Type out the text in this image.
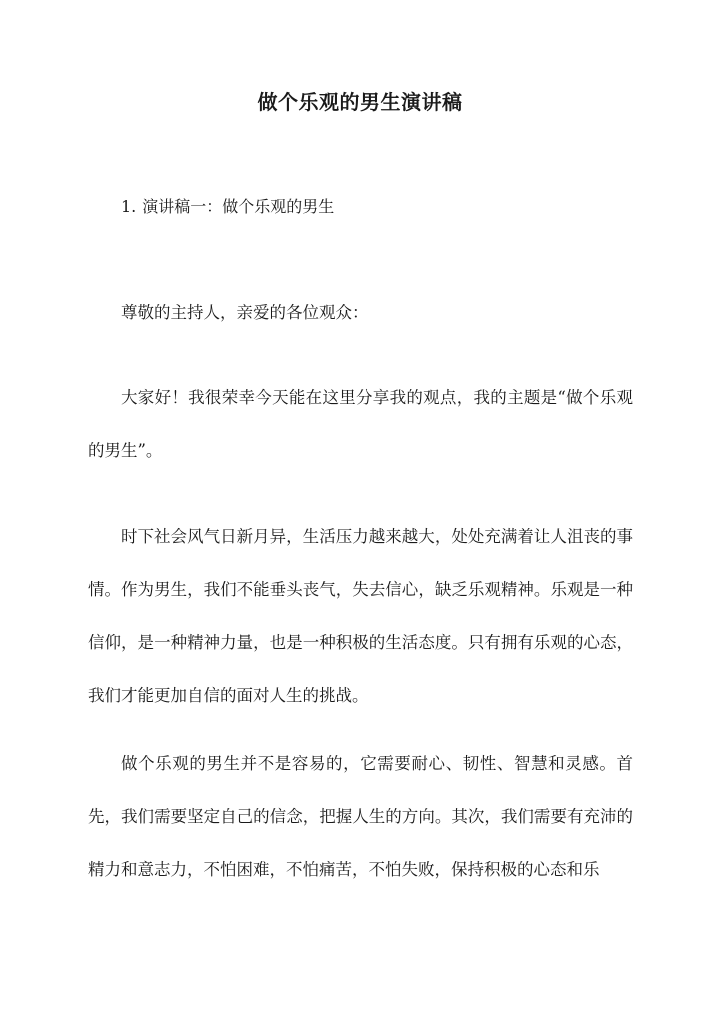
做个乐观的男生演讲稿
1. 演讲稿一：做个乐观的男生

尊敬的主持人，亲爱的各位观众：

大家好！我很荣幸今天能在这里分享我的观点，我的主题是“做个乐观的男生”。

时下社会风气日新月异，生活压力越来越大，处处充满着让人沮丧的事情。作为男生，我们不能垂头丧气，失去信心，缺乏乐观精神。乐观是一种信仰，是一种精神力量，也是一种积极的生活态度。只有拥有乐观的心态，我们才能更加自信的面对人生的挑战。

做个乐观的男生并不是容易的，它需要耐心、韧性、智慧和灵感。首先，我们需要坚定自己的信念，把握人生的方向。其次，我们需要有充沛的精力和意志力，不怕困难，不怕痛苦，不怕失败，保持积极的心态和乐
